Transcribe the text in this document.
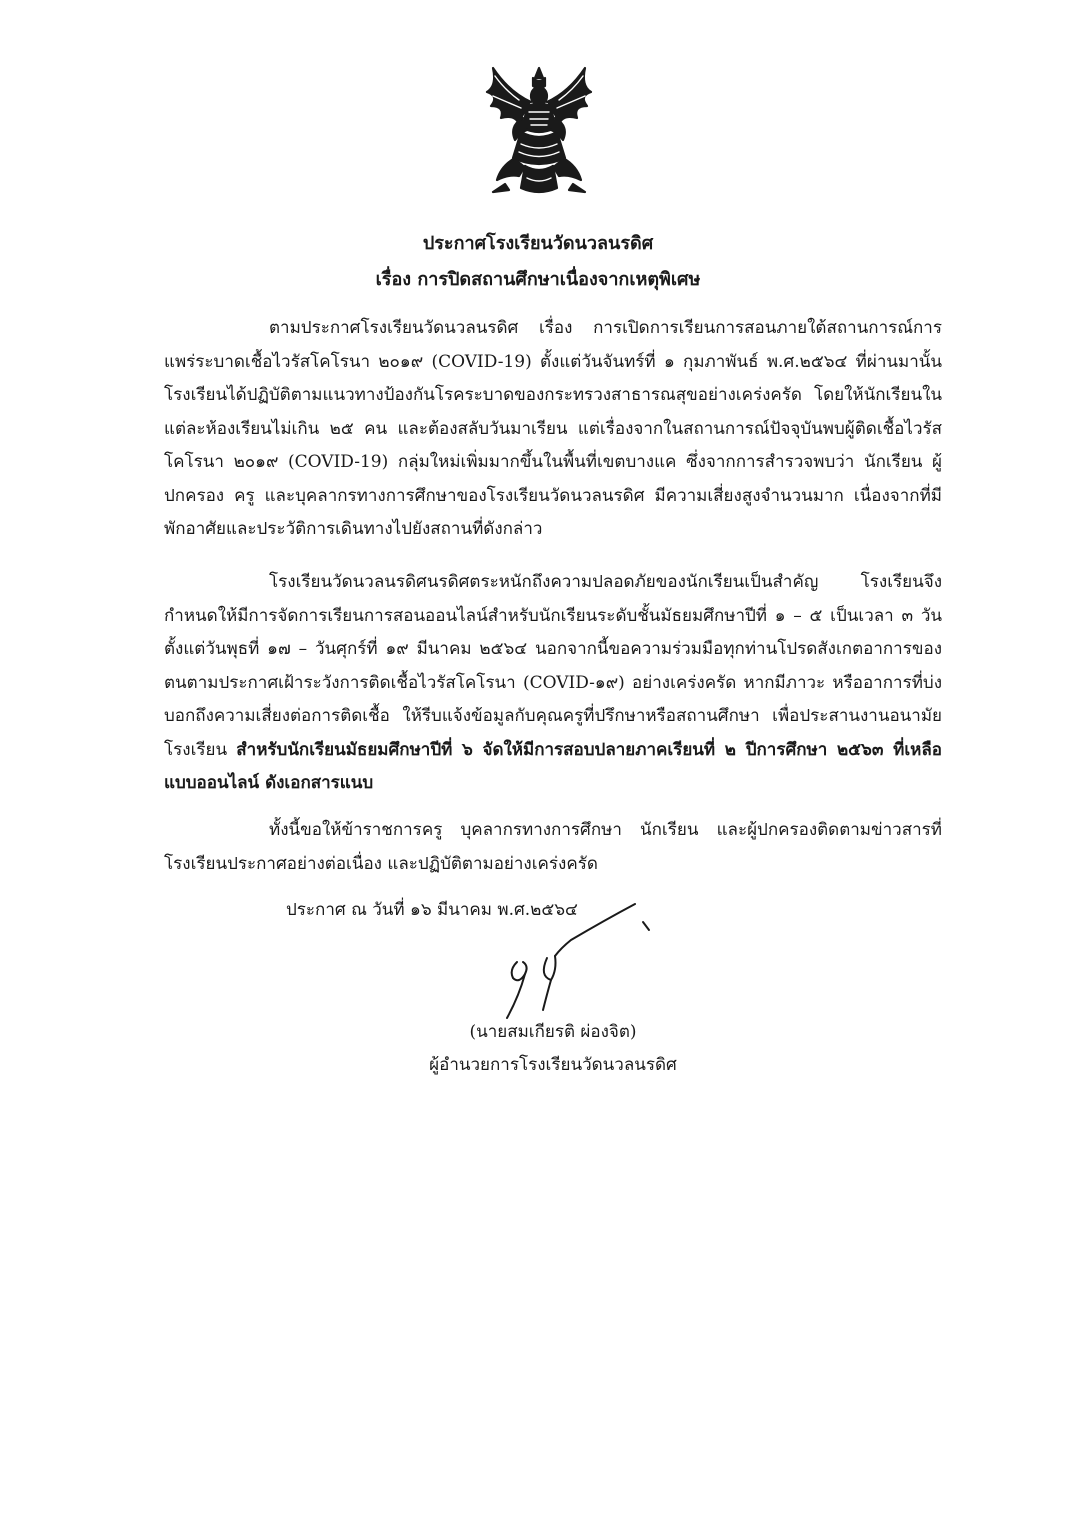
ประกาศโรงเรียนวัดนวลนรดิศ
เรื่อง การปิดสถานศึกษาเนื่องจากเหตุพิเศษ

ตามประกาศโรงเรียนวัดนวลนรดิศ เรื่อง การเปิดการเรียนการสอนภายใต้สถานการณ์การแพร่ระบาดเชื้อไวรัสโคโรนา ๒๐๑๙ (COVID-19) ตั้งแต่วันจันทร์ที่ ๑ กุมภาพันธ์ พ.ศ.๒๕๖๔ ที่ผ่านมานั้น โรงเรียนได้ปฏิบัติตามแนวทางป้องกันโรคระบาดของกระทรวงสาธารณสุขอย่างเคร่งครัด โดยให้นักเรียนในแต่ละห้องเรียนไม่เกิน ๒๕ คน และต้องสลับวันมาเรียน แต่เรื่องจากในสถานการณ์ปัจจุบันพบผู้ติดเชื้อไวรัสโคโรนา ๒๐๑๙ (COVID-19) กลุ่มใหม่เพิ่มมากขึ้นในพื้นที่เขตบางแค ซึ่งจากการสำรวจพบว่า นักเรียน ผู้ปกครอง ครู และบุคลากรทางการศึกษาของโรงเรียนวัดนวลนรดิศ มีความเสี่ยงสูงจำนวนมาก เนื่องจากที่มีพักอาศัยและประวัติการเดินทางไปยังสถานที่ดังกล่าว

โรงเรียนวัดนวลนรดิศนรดิศตระหนักถึงความปลอดภัยของนักเรียนเป็นสำคัญ โรงเรียนจึงกำหนดให้มีการจัดการเรียนการสอนออนไลน์สำหรับนักเรียนระดับชั้นมัธยมศึกษาปีที่ ๑ – ๕ เป็นเวลา ๓ วัน ตั้งแต่วันพุธที่ ๑๗ – วันศุกร์ที่ ๑๙ มีนาคม ๒๕๖๔ นอกจากนี้ขอความร่วมมือทุกท่านโปรดสังเกตอาการของตนตามประกาศเฝ้าระวังการติดเชื้อไวรัสโคโรนา (COVID-๑๙) อย่างเคร่งครัด หากมีภาวะ หรืออาการที่บ่งบอกถึงความเสี่ยงต่อการติดเชื้อ ให้รีบแจ้งข้อมูลกับคุณครูที่ปรึกษาหรือสถานศึกษา เพื่อประสานงานอนามัยโรงเรียน สำหรับนักเรียนมัธยมศึกษาปีที่ ๖ จัดให้มีการสอบปลายภาคเรียนที่ ๒ ปีการศึกษา ๒๕๖๓ ที่เหลือแบบออนไลน์ ดังเอกสารแนบ

ทั้งนี้ขอให้ข้าราชการครู บุคลากรทางการศึกษา นักเรียน และผู้ปกครองติดตามข่าวสารที่โรงเรียนประกาศอย่างต่อเนื่อง และปฏิบัติตามอย่างเคร่งครัด

ประกาศ ณ วันที่ ๑๖ มีนาคม พ.ศ.๒๕๖๔
(นายสมเกียรติ ผ่องจิต)
ผู้อำนวยการโรงเรียนวัดนวลนรดิศ
